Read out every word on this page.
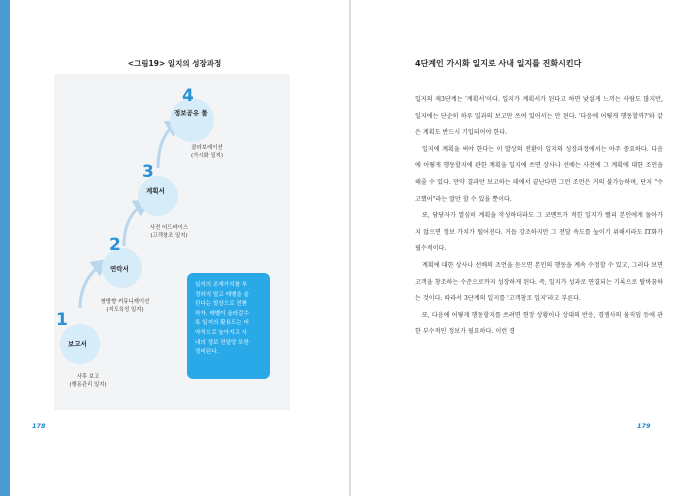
<그림19> 일지의 성장과정
1
보고서
사후 보고
(행동관리 일지)
2
연락서
쌍방향 커뮤니케이션
(지도육성 일지)
3
계획서
사전 어드바이스
(고객창조 일지)
4
정보공유 툴
콜라보레이션
(가시화 일지)
일지의 존재가치를 부
정하지 말고 레벨을 올
린다는 발상으로 전환
하자. 레벨이 올라갈수
록 일지의 활용도는 비
약적으로 높아지고 사
내의 정보 전달망 또한
정비된다.
178	179
4단계인 가시화 일지로 사내 일지를 진화시킨다

일지의 제3단계는 '계획서'이다. 일지가 계획서가 된다고 하면 낯설게 느끼는 사람도 많지만, 일지에는 단순히 하루 일과의 보고만 쓰여 있어서는 안 된다. '다음에 어떻게 행동할까?'와 같은 계획도 반드시 기입되어야 한다.

일지에 계획을 써야 한다는 이 발상의 전환이 일지의 성장과정에서는 아주 중요하다. 다음에 어떻게 행동할지에 관한 계획을 일지에 쓰면 상사나 선배는 사전에 그 계획에 대한 조언을 해줄 수 있다. 만약 결과만 보고하는 데에서 끝난다면 그런 조언은 거의 불가능하며, 단지 "수고했어"라는 말만 할 수 있을 뿐이다.

또, 담당자가 열심히 계획을 작성하더라도 그 코멘트가 적힌 일지가 빨리 본인에게 돌아가지 않으면 정보 가치가 떨어진다. 거듭 강조하지만 그 전달 속도를 높이기 위해서라도 IT화가 필수적이다.

계획에 대한 상사나 선배의 조언을 듣으면 본인의 행동을 계속 수정할 수 있고, 그러다 보면 고객을 창조하는 수준으로까지 성장하게 된다. 즉, 일지가 성과로 연결되는 기록으로 탈바꿈하는 것이다. 따라서 3단계의 일지를 '고객창조 일지'라고 부른다.

또, 다음에 어떻게 행동할지를 쓰려면 현장 상황이나 상대의 반응, 경쟁사의 움직임 등에 관한 부수적인 정보가 필요하다. 이런 경
